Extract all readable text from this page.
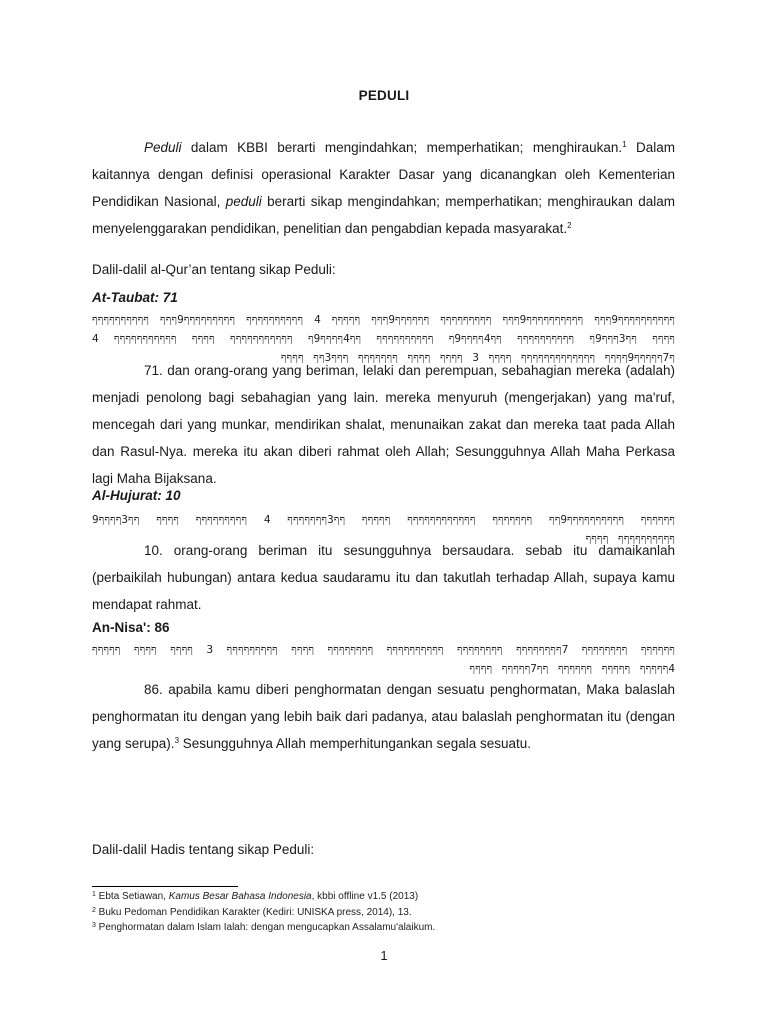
PEDULI
Peduli dalam KBBI berarti mengindahkan; memperhatikan; menghiraukan.$^1$ Dalam kaitannya dengan definisi operasional Karakter Dasar yang dicanangkan oleh Kementerian Pendidikan Nasional, peduli berarti sikap mengindahkan; memperhatikan; menghiraukan dalam menyelenggarakan pendidikan, penelitian dan pengabdian kepada masyarakat.$^2$
Dalil-dalil al-Qur’an tentang sikap Peduli:
At-Taubat: 71
ףףףףףףףףףף9ףףף ףףףףףףףףףף9ףףף ףףףףףףףףף ףףףףףף9ףףף ףףףףף 4 ףףףףףףףףףף ףףףףףףףףף9ףףף ףףףףףףףףףף ףףףף ףף3ףףף9ף ףףףףףףףףףף ףף4ףףףף9ף ףףףףףףףףףף ףף4ףףףף9ף ףףףףףףףףףףף ףףףף ףףףףףףףףףףף 4 ף7ףףףףף9ףףףף ףףףףףףףףףףףףף ףףףף 3 ףףףף ףףףף ףףףףףףף ףףף3ףף ףףףף
71. dan orang-orang yang beriman, lelaki dan perempuan, sebahagian mereka (adalah) menjadi penolong bagi sebahagian yang lain. mereka menyuruh (mengerjakan) yang ma'ruf, mencegah dari yang munkar, mendirikan shalat, menunaikan zakat dan mereka taat pada Allah dan Rasul-Nya. mereka itu akan diberi rahmat oleh Allah; Sesungguhnya Allah Maha Perkasa lagi Maha Bijaksana.
Al-Hujurat: 10
ףףףףףף ףףףףףףףףףף9ףף ףףףףףףף ףףףףףףףףףףףף ףףףףף ףף3ףףףףףףף 4 ףףףףףףףףף ףףףף ףף3ףףףף9 ףףףףףףףףףף ףףףף
10. orang-orang beriman itu sesungguhnya bersaudara. sebab itu damaikanlah (perbaikilah hubungan) antara kedua saudaramu itu dan takutlah terhadap Allah, supaya kamu mendapat rahmat.
An-Nisa': 86
ףףףףףף ףףףףףףףף 7ףףףףףףףף ףףףףףףףף ףףףףףףףףףף ףףףףףףףף ףףףף ףףףףףףףףף 3 ףףףף ףףףף ףףףףף 4ףףףףף ףףףףף ףףףףףף ףף7ףףףףף ףףףף
86. apabila kamu diberi penghormatan dengan sesuatu penghormatan, Maka balaslah penghormatan itu dengan yang lebih baik dari padanya, atau balaslah penghormatan itu (dengan yang serupa).$^3$ Sesungguhnya Allah memperhitungankan segala sesuatu.
Dalil-dalil Hadis tentang sikap Peduli:
$^1$ Ebta Setiawan, Kamus Besar Bahasa Indonesia, kbbi offline v1.5 (2013)
$^2$ Buku Pedoman Pendidikan Karakter (Kediri: UNISKA press, 2014), 13.
$^3$ Penghormatan dalam Islam Ialah: dengan mengucapkan Assalamu'alaikum.
1
